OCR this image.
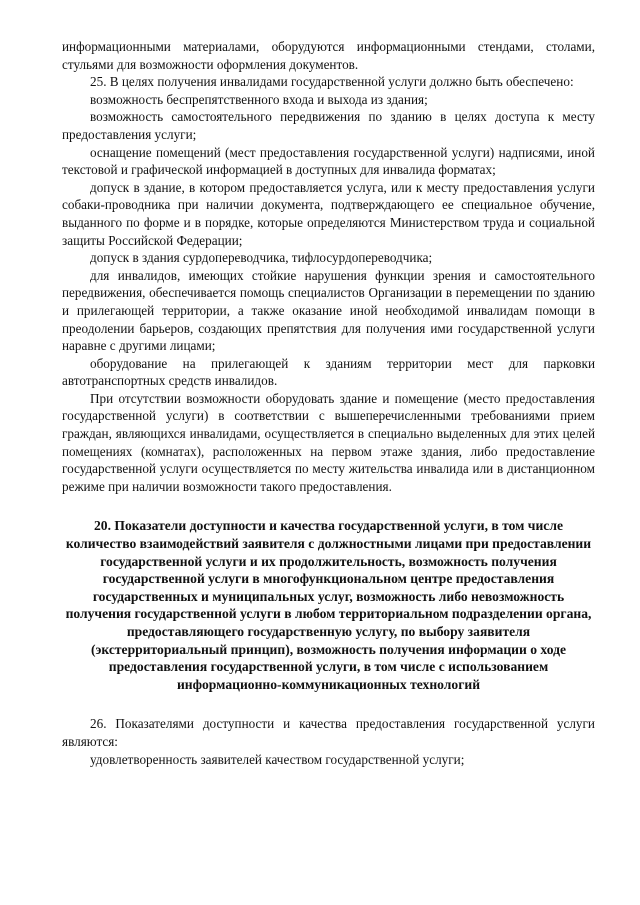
информационными материалами, оборудуются информационными стендами, столами, стульями для возможности оформления документов.

25. В целях получения инвалидами государственной услуги должно быть обеспечено:

возможность беспрепятственного входа и выхода из здания;

возможность самостоятельного передвижения по зданию в целях доступа к месту предоставления услуги;

оснащение помещений (мест предоставления государственной услуги) надписями, иной текстовой и графической информацией в доступных для инвалида форматах;

допуск в здание, в котором предоставляется услуга, или к месту предоставления услуги собаки-проводника при наличии документа, подтверждающего ее специальное обучение, выданного по форме и в порядке, которые определяются Министерством труда и социальной защиты Российской Федерации;

допуск в здания сурдопереводчика, тифлосурдопереводчика;

для инвалидов, имеющих стойкие нарушения функции зрения и самостоятельного передвижения, обеспечивается помощь специалистов Организации в перемещении по зданию и прилегающей территории, а также оказание иной необходимой инвалидам помощи в преодолении барьеров, создающих препятствия для получения ими государственной услуги наравне с другими лицами;

оборудование на прилегающей к зданиям территории мест для парковки автотранспортных средств инвалидов.

При отсутствии возможности оборудовать здание и помещение (место предоставления государственной услуги) в соответствии с вышеперечисленными требованиями прием граждан, являющихся инвалидами, осуществляется в специально выделенных для этих целей помещениях (комнатах), расположенных на первом этаже здания, либо предоставление государственной услуги осуществляется по месту жительства инвалида или в дистанционном режиме при наличии возможности такого предоставления.

20. Показатели доступности и качества государственной услуги, в том числе количество взаимодействий заявителя с должностными лицами при предоставлении государственной услуги и их продолжительность, возможность получения государственной услуги в многофункциональном центре предоставления государственных и муниципальных услуг, возможность либо невозможность получения государственной услуги в любом территориальном подразделении органа, предоставляющего государственную услугу, по выбору заявителя (экстерриториальный принцип), возможность получения информации о ходе предоставления государственной услуги, в том числе с использованием информационно-коммуникационных технологий

26. Показателями доступности и качества предоставления государственной услуги являются:

удовлетворенность заявителей качеством государственной услуги;
